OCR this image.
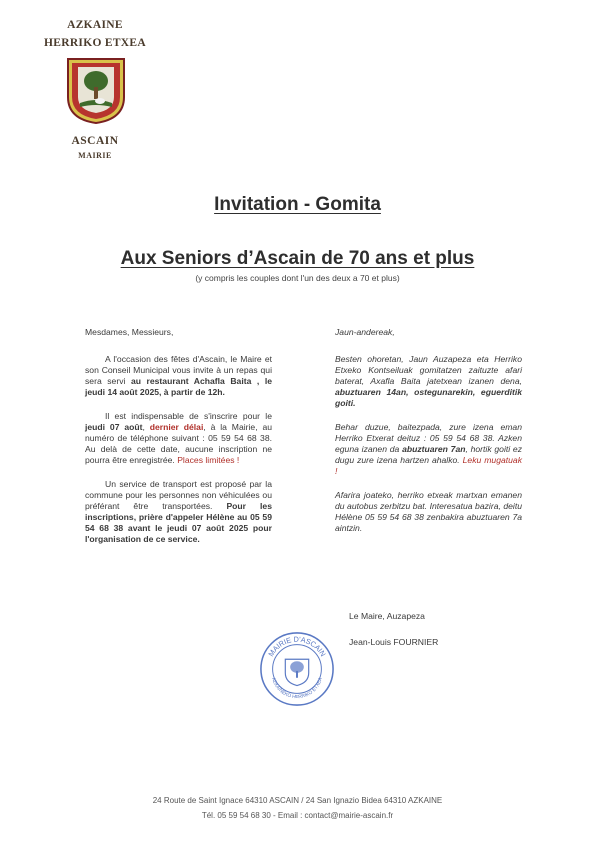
AZKAINE
HERRIKO ETXEA
ASCAIN
MAIRIE
Invitation - Gomita
Aux Seniors d’Ascain de 70 ans et plus
(y compris les couples dont l'un des deux a 70 et plus)

Mesdames, Messieurs,

A l'occasion des fêtes d'Ascain, le Maire et son Conseil Municipal vous invite à un repas qui sera servi au restaurant Achafla Baita , le jeudi 14 août 2025, à partir de 12h.

Il est indispensable de s'inscrire pour le jeudi 07 août, dernier délai, à la Mairie, au numéro de téléphone suivant : 05 59 54 68 38. Au delà de cette date, aucune inscription ne pourra être enregistrée. Places limitées !

Un service de transport est proposé par la commune pour les personnes non véhiculées ou préférant être transportées. Pour les inscriptions, prière d'appeler Hélène au 05 59 54 68 38 avant le jeudi 07 août 2025 pour l'organisation de ce service.

Jaun-andereak,

Besten ohoretan, Jaun Auzapeza eta Herriko Etxeko Kontseiluak gomitatzen zaituzte afari baterat, Axafla Baita jatetxean izanen dena, abuztuaren 14an, ostegunarekin, eguerditik goiti.

Behar duzue, baitezpada, zure izena eman Herriko Etxerat deituz : 05 59 54 68 38. Azken eguna izanen da abuztuaren 7an, hortik goiti ez dugu zure izena hartzen ahalko. Leku mugatuak !

Afarira joateko, herriko etxeak martxan emanen du autobus zerbitzu bat. Interesatua bazira, deitu Hélène 05 59 54 68 38 zenbakira abuztuaren 7a aintzin.

Le Maire, Auzapeza
Jean-Louis FOURNIER
MAIRIE D'ASCAIN
AZKAINEKO HERRIKO ETXEA
24 Route de Saint Ignace 64310 ASCAIN / 24 San Ignazio Bidea 64310 AZKAINE
Tél. 05 59 54 68 30 - Email : contact@mairie-ascain.fr
